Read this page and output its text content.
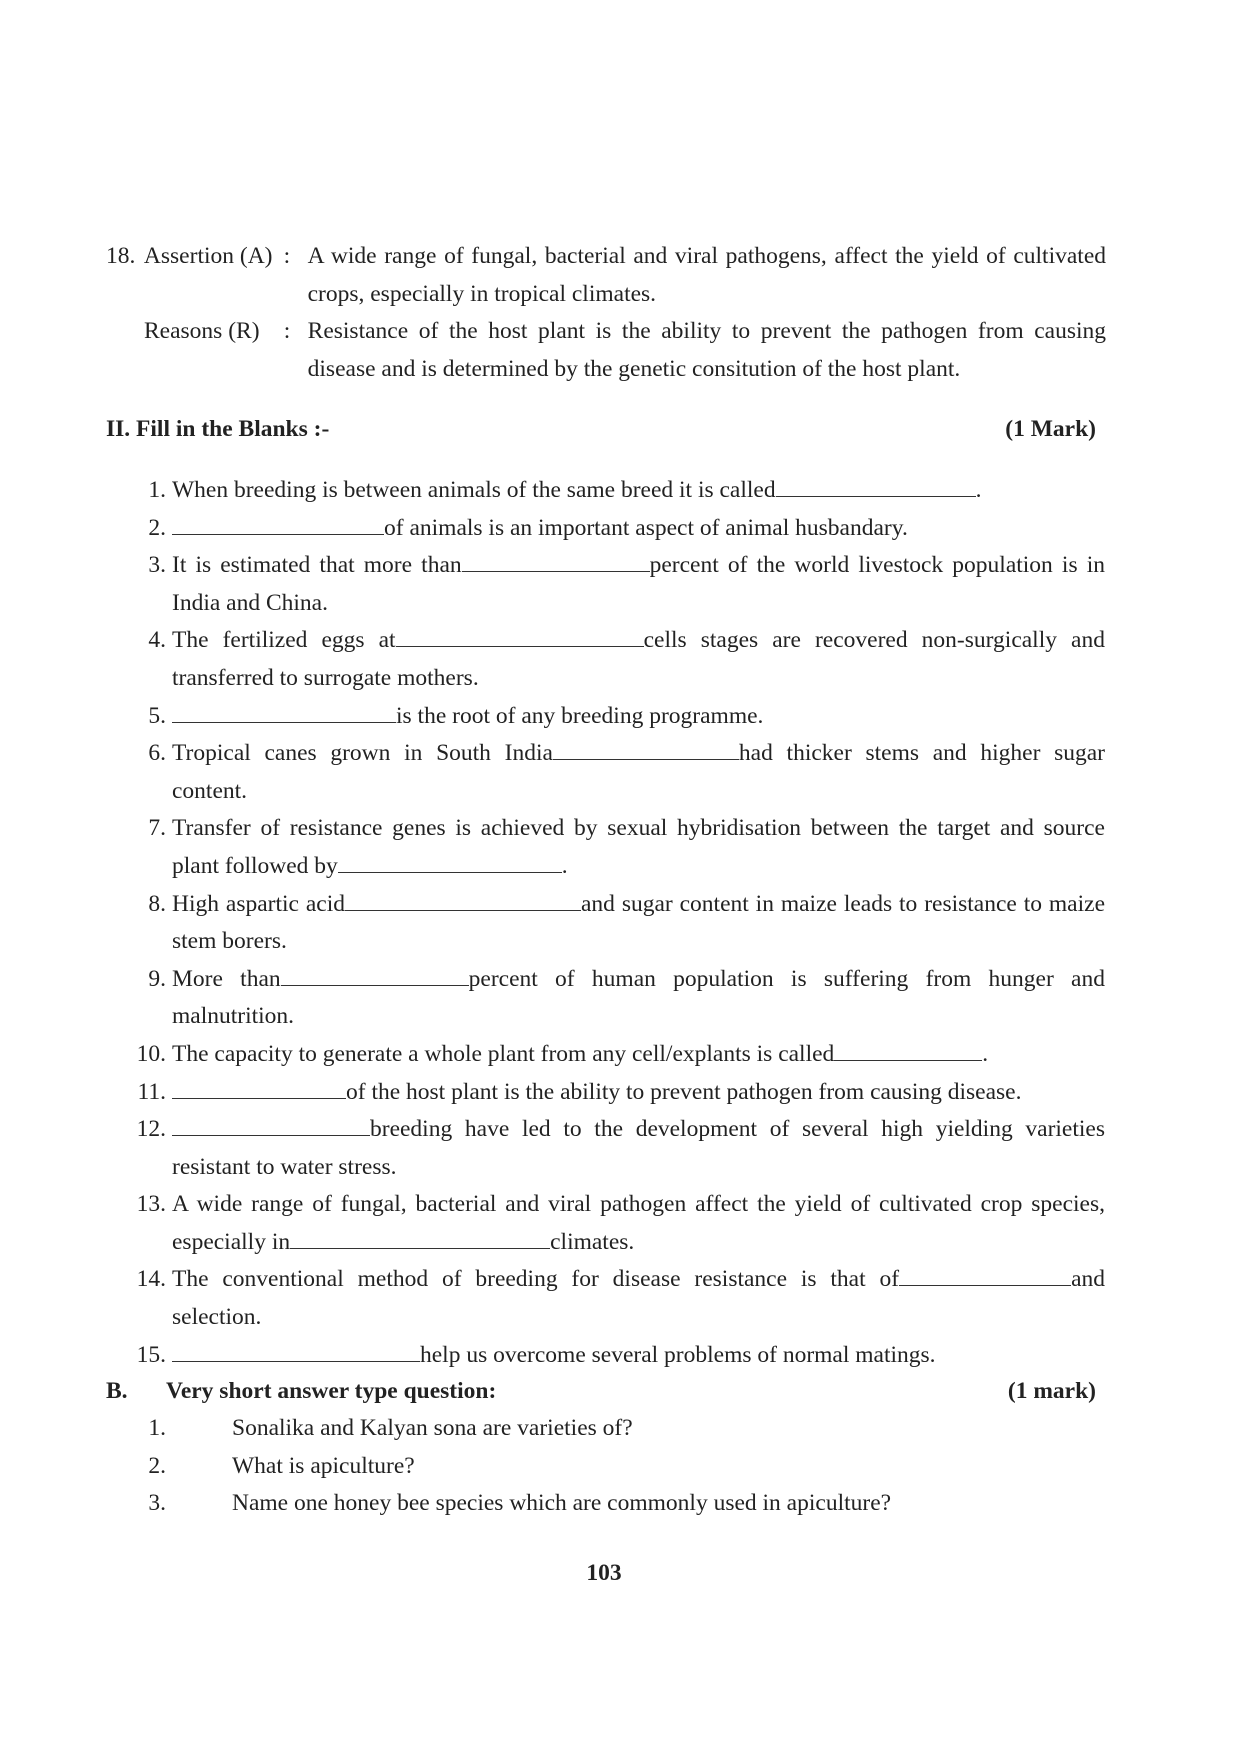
18. Assertion (A) : A wide range of fungal, bacterial and viral pathogens, affect the yield of cultivated crops, especially in tropical climates.
Reasons (R)	: Resistance of the host plant is the ability to prevent the pathogen from causing disease and is determined by the genetic consitution of the host plant.
II. Fill in the Blanks :-	(1 Mark)
1. When breeding is between animals of the same breed it is called	.
2.	of animals is an important aspect of animal husbandary.
3. It is estimated that more than	percent of the world livestock population is in India and China.
4. The fertilized eggs at	cells stages are recovered non-surgically and transferred to surrogate mothers.
5.	is the root of any breeding programme.
6. Tropical canes grown in South India	had thicker stems and higher sugar content.
7. Transfer of resistance genes is achieved by sexual hybridisation between the target and source plant followed by	.
8. High aspartic acid	and sugar content in maize leads to resistance to maize stem borers.
9. More than	percent of human population is suffering from hunger and malnutrition.
10. The capacity to generate a whole plant from any cell/explants is called	.
11.	of the host plant is the ability to prevent pathogen from causing disease.
12.	breeding have led to the development of several high yielding varieties resistant to water stress.
13. A wide range of fungal, bacterial and viral pathogen affect the yield of cultivated crop species, especially in	climates.
14. The conventional method of breeding for disease resistance is that of	and selection.
15.	help us overcome several problems of normal matings.
B.	Very short answer type question:	(1 mark)
1.	Sonalika and Kalyan sona are varieties of?
2.	What is apiculture?
3.	Name one honey bee species which are commonly used in apiculture?
103
